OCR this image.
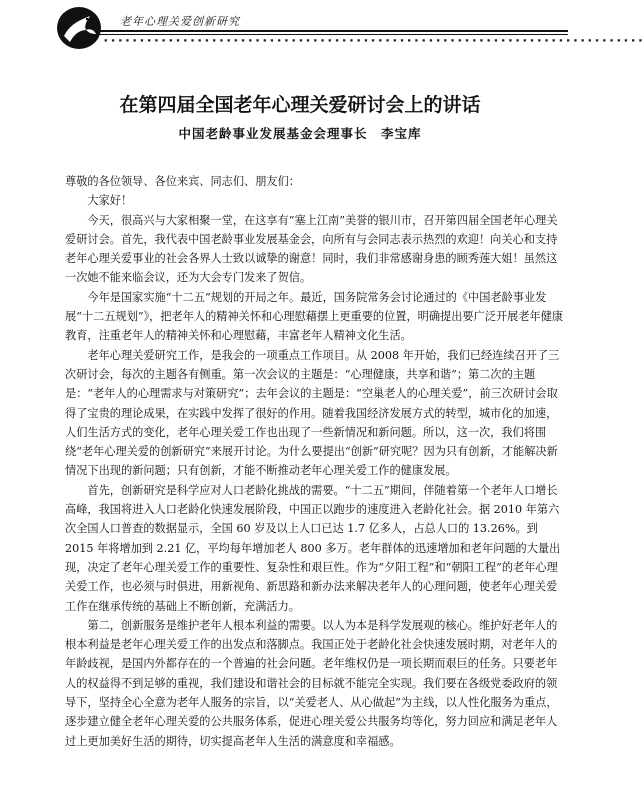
老年心理关爱创新研究
▪ ▪ ▪ ▪ ▪ ▪ ▪ ▪ ▪ ▪ ▪ ▪ ▪ ▪ ▪ ▪ ▪ ▪ ▪ ▪ ▪ ▪ ▪ ▪ ▪ ▪ ▪ ▪ ▪ ▪ ▪ ▪ ▪ ▪ ▪ ▪ ▪ ▪ ▪ ▪ ▪ ▪ ▪ ▪ ▪ ▪ ▪ ▪ ▪ ▪ ▪ ▪ ▪ ▪ ▪ ▪ ▪ ▪ ▪ ▪ ▪ ▪ ▪ ▪ ▪ ▪ ▪ ▪ ▪ ▪ ▪ ▪ ▪ ▪ ▪
在第四届全国老年心理关爱研讨会上的讲话
中国老龄事业发展基金会理事长　李宝库

尊敬的各位领导、各位来宾、同志们、朋友们：

大家好！

今天，很高兴与大家相聚一堂，在这享有“塞上江南”美誉的银川市，召开第四届全国老年心理关爱研讨会。首先，我代表中国老龄事业发展基金会，向所有与会同志表示热烈的欢迎！向关心和支持老年心理关爱事业的社会各界人士致以诚挚的谢意！同时，我们非常感谢身患的顾秀莲大姐！虽然这一次她不能来临会议，还为大会专门发来了贺信。

今年是国家实施“十二五”规划的开局之年。最近，国务院常务会讨论通过的《中国老龄事业发展“十二五规划”》，把老年人的精神关怀和心理慰藉摆上更重要的位置，明确提出要广泛开展老年健康教育，注重老年人的精神关怀和心理慰藉，丰富老年人精神文化生活。

老年心理关爱研究工作，是我会的一项重点工作项目。从 2008 年开始，我们已经连续召开了三次研讨会，每次的主题各有侧重。第一次会议的主题是：“心理健康，共享和谐”；第二次的主题是：“老年人的心理需求与对策研究”；去年会议的主题是：“空巢老人的心理关爱”，前三次研讨会取得了宝贵的理论成果，在实践中发挥了很好的作用。随着我国经济发展方式的转型，城市化的加速，人们生活方式的变化，老年心理关爱工作也出现了一些新情况和新问题。所以，这一次，我们将围绕“老年心理关爱的创新研究”来展开讨论。为什么要提出“创新”研究呢？因为只有创新，才能解决新情况下出现的新问题；只有创新，才能不断推动老年心理关爱工作的健康发展。

首先，创新研究是科学应对人口老龄化挑战的需要。“十二五”期间，伴随着第一个老年人口增长高峰，我国将进入人口老龄化快速发展阶段，中国正以跑步的速度进入老龄化社会。据 2010 年第六次全国人口普查的数据显示，全国 60 岁及以上人口已达 1.7 亿多人，占总人口的 13.26%。到 2015 年将增加到 2.21 亿，平均每年增加老人 800 多万。老年群体的迅速增加和老年问题的大量出现，决定了老年心理关爱工作的重要性、复杂性和艰巨性。作为“夕阳工程”和“朝阳工程”的老年心理关爱工作，也必须与时俱进，用新视角、新思路和新办法来解决老年人的心理问题，使老年心理关爱工作在继承传统的基础上不断创新，充满活力。

第二，创新服务是维护老年人根本利益的需要。以人为本是科学发展观的核心。维护好老年人的根本利益是老年心理关爱工作的出发点和落脚点。我国正处于老龄化社会快速发展时期，对老年人的年龄歧视，是国内外都存在的一个普遍的社会问题。老年维权仍是一项长期而艰巨的任务。只要老年人的权益得不到足够的重视，我们建设和谐社会的目标就不能完全实现。我们要在各级党委政府的领导下，坚持全心全意为老年人服务的宗旨，以“关爱老人、从心做起”为主线，以人性化服务为重点，逐步建立健全老年心理关爱的公共服务体系，促进心理关爱公共服务均等化，努力回应和满足老年人过上更加美好生活的期待，切实提高老年人生活的满意度和幸福感。
